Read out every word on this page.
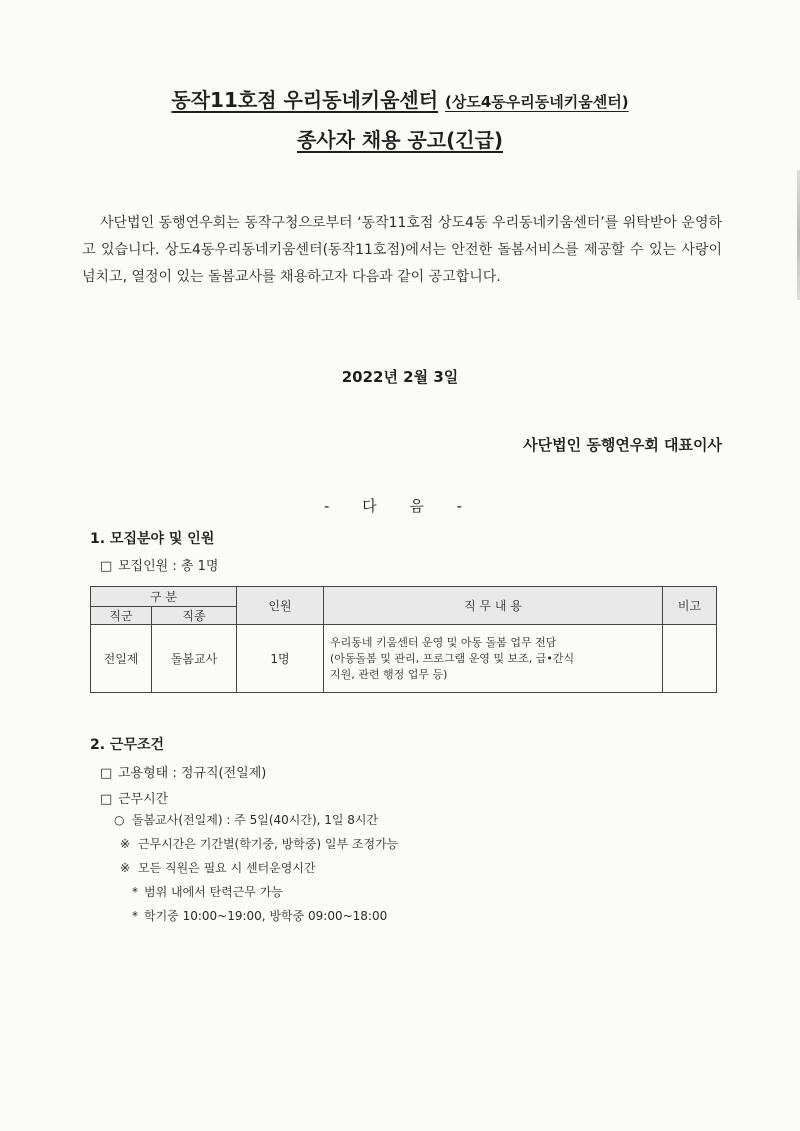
동작11호점 우리동네키움센터 (상도4동우리동네키움센터)
종사자 채용 공고(긴급)
사단법인 동행연우회는 동작구청으로부터 ‘동작11호점 상도4동 우리동네키움센터’를 위탁받아 운영하고 있습니다. 상도4동우리동네키움센터(동작11호점)에서는 안전한 돌봄서비스를 제공할 수 있는 사랑이 넘치고, 열정이 있는 돌봄교사를 채용하고자 다음과 같이 공고합니다.
2022년 2월 3일
사단법인 동행연우회 대표이사
- 다 음 -
1. 모집분야 및 인원
□ 모집인원 : 총 1명
구 분		인원	직 무 내 용	비고
직군	직종			
전일제	돌봄교사	1명	우리동네 키움센터 운영 및 아동 돌봄 업무 전담
(아동돌봄 및 관리, 프로그램 운영 및 보조, 급•간식
지원, 관련 행정 업무 등)	

2. 근무조건
□ 고용형태 : 정규직(전일제)
□ 근무시간
○ 돌봄교사(전일제) : 주 5일(40시간), 1일 8시간
※ 근무시간은 기간별(학기중, 방학중) 일부 조정가능
※ 모든 직원은 필요 시 센터운영시간
* 범위 내에서 탄력근무 가능
* 학기중 10:00~19:00, 방학중 09:00~18:00
